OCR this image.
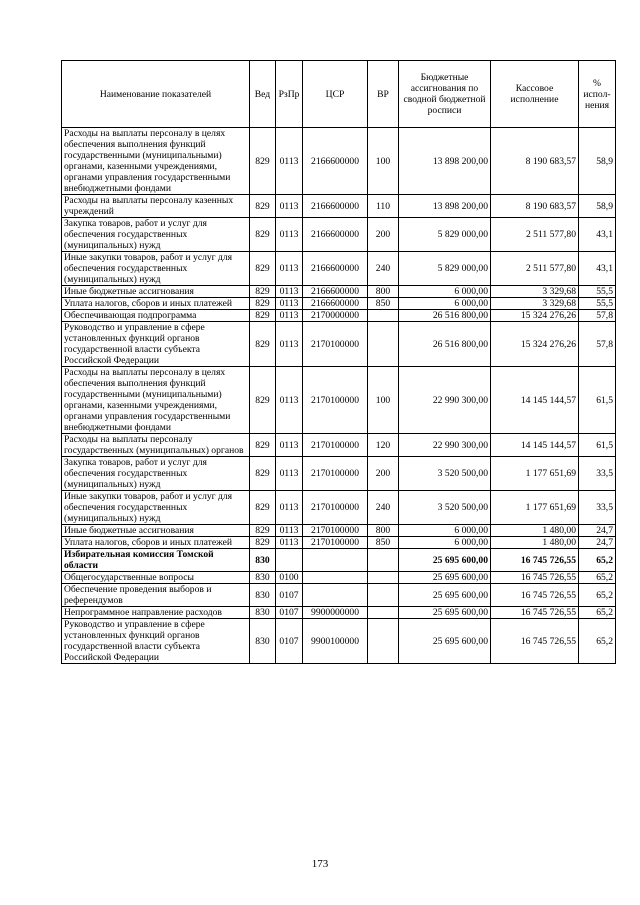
Наименование показателей	Вед	РзПр	ЦСР	ВР	Бюджетные ассигнования по сводной бюджетной росписи	Кассовое исполнение	% испол-нения
Расходы на выплаты персоналу в целях обеспечения выполнения функций государственными (муниципальными) органами, казенными учреждениями, органами управления государственными внебюджетными фондами	829	0113	2166600000	100	13 898 200,00	8 190 683,57	58,9
Расходы на выплаты персоналу казенных учреждений	829	0113	2166600000	110	13 898 200,00	8 190 683,57	58,9
Закупка товаров, работ и услуг для обеспечения государственных (муниципальных) нужд	829	0113	2166600000	200	5 829 000,00	2 511 577,80	43,1
Иные закупки товаров, работ и услуг для обеспечения государственных (муниципальных) нужд	829	0113	2166600000	240	5 829 000,00	2 511 577,80	43,1
Иные бюджетные ассигнования	829	0113	2166600000	800	6 000,00	3 329,68	55,5
Уплата налогов, сборов и иных платежей	829	0113	2166600000	850	6 000,00	3 329,68	55,5
Обеспечивающая подпрограмма	829	0113	2170000000		26 516 800,00	15 324 276,26	57,8
Руководство и управление в сфере установленных функций органов государственной власти субъекта Российской Федерации	829	0113	2170100000		26 516 800,00	15 324 276,26	57,8
Расходы на выплаты персоналу в целях обеспечения выполнения функций государственными (муниципальными) органами, казенными учреждениями, органами управления государственными внебюджетными фондами	829	0113	2170100000	100	22 990 300,00	14 145 144,57	61,5
Расходы на выплаты персоналу государственных (муниципальных) органов	829	0113	2170100000	120	22 990 300,00	14 145 144,57	61,5
Закупка товаров, работ и услуг для обеспечения государственных (муниципальных) нужд	829	0113	2170100000	200	3 520 500,00	1 177 651,69	33,5
Иные закупки товаров, работ и услуг для обеспечения государственных (муниципальных) нужд	829	0113	2170100000	240	3 520 500,00	1 177 651,69	33,5
Иные бюджетные ассигнования	829	0113	2170100000	800	6 000,00	1 480,00	24,7
Уплата налогов, сборов и иных платежей	829	0113	2170100000	850	6 000,00	1 480,00	24,7
Избирательная комиссия Томской области	830				25 695 600,00	16 745 726,55	65,2
Общегосударственные вопросы	830	0100			25 695 600,00	16 745 726,55	65,2
Обеспечение проведения выборов и референдумов	830	0107			25 695 600,00	16 745 726,55	65,2
Непрограммное направление расходов	830	0107	9900000000		25 695 600,00	16 745 726,55	65,2
Руководство и управление в сфере установленных функций органов государственной власти субъекта Российской Федерации	830	0107	9900100000		25 695 600,00	16 745 726,55	65,2
173
